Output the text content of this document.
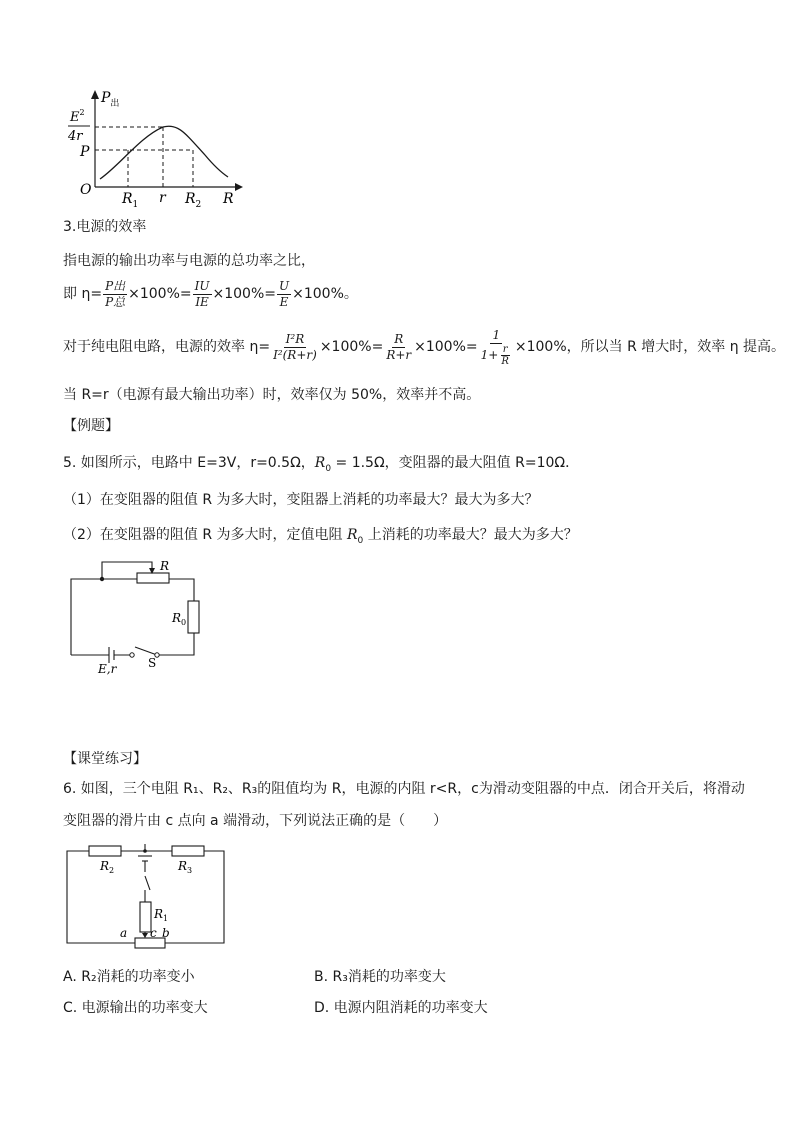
$P_出$
$E^2$
4r
P
O
$R_1$ r $R_2$ R
3.电源的效率
指电源的输出功率与电源的总功率之比，
即 $\eta= \frac{\text{P出}}{\text{P总}} \times 100\%= \frac{IU}{IE} \times 100\%= \frac{U}{E} \times 100\%$。
对于纯电阻电路，电源的效率 $\eta= \frac{\text{I²R}}{\text{I²(R+r)}} \times 100\%= \frac{R}{R+r} \times 100\%= \frac{1}{1+ \frac{r}{R}} \times 100\%$，所以当 R 增大时，效率 η 提高。
当 R=r（电源有最大输出功率）时，效率仅为 50%，效率并不高。
【例题】
5. 如图所示，电路中 E=3V，r=0.5Ω，$R_0 = 1.5\Omega$，变阻器的最大阻值 R=10Ω．
（1）在变阻器的阻值 R 为多大时，变阻器上消耗的功率最大？最大为多大？
（2）在变阻器的阻值 R 为多大时，定值电阻 $R_0$ 上消耗的功率最大？最大为多大？
R
$R_0$
E,r	S
【课堂练习】
6. 如图，三个电阻 R₁、R₂、R₃的阻值均为 R，电源的内阻 r<R，c为滑动变阻器的中点．闭合开关后，将滑动
变阻器的滑片由 c 点向 a 端滑动，下列说法正确的是（　　）
$R_2$	$R_3$
$R_1$
a c b
A. R₂消耗的功率变小	B. R₃消耗的功率变大
C. 电源输出的功率变大	D. 电源内阻消耗的功率变大
